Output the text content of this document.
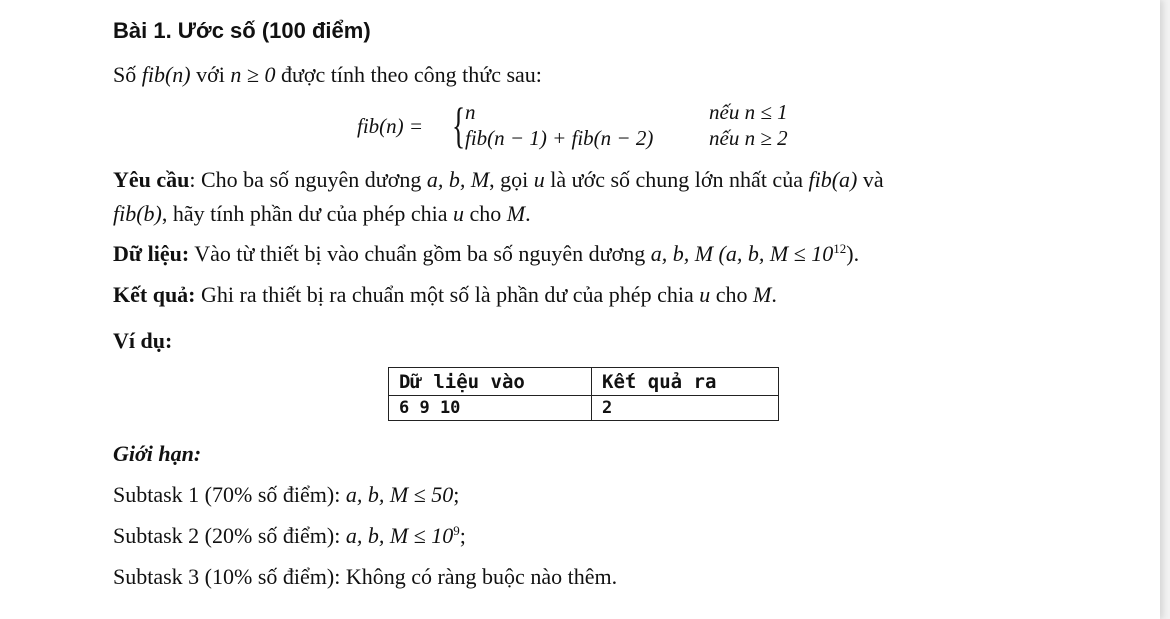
Bài 1. Ước số (100 điểm)
Số fib(n) với n ≥ 0 được tính theo công thức sau:
fib(n) = { n
fib(n − 1) + fib(n − 2)
nếu n ≤ 1
nếu n ≥ 2
Yêu cầu: Cho ba số nguyên dương a, b, M, gọi u là ước số chung lớn nhất của fib(a) và
fib(b), hãy tính phần dư của phép chia u cho M.
Dữ liệu: Vào từ thiết bị vào chuẩn gồm ba số nguyên dương a, b, M (a, b, $M \le 10^{12}$).
Kết quả: Ghi ra thiết bị ra chuẩn một số là phần dư của phép chia u cho M.
Ví dụ:
Dữ liệu vào	Kết quả ra
6 9 10	2
Giới hạn:
Subtask 1 (70% số điểm): a, b, M ≤ 50;
Subtask 2 (20% số điểm): a, b, $M \le 10^9$;
Subtask 3 (10% số điểm): Không có ràng buộc nào thêm.
